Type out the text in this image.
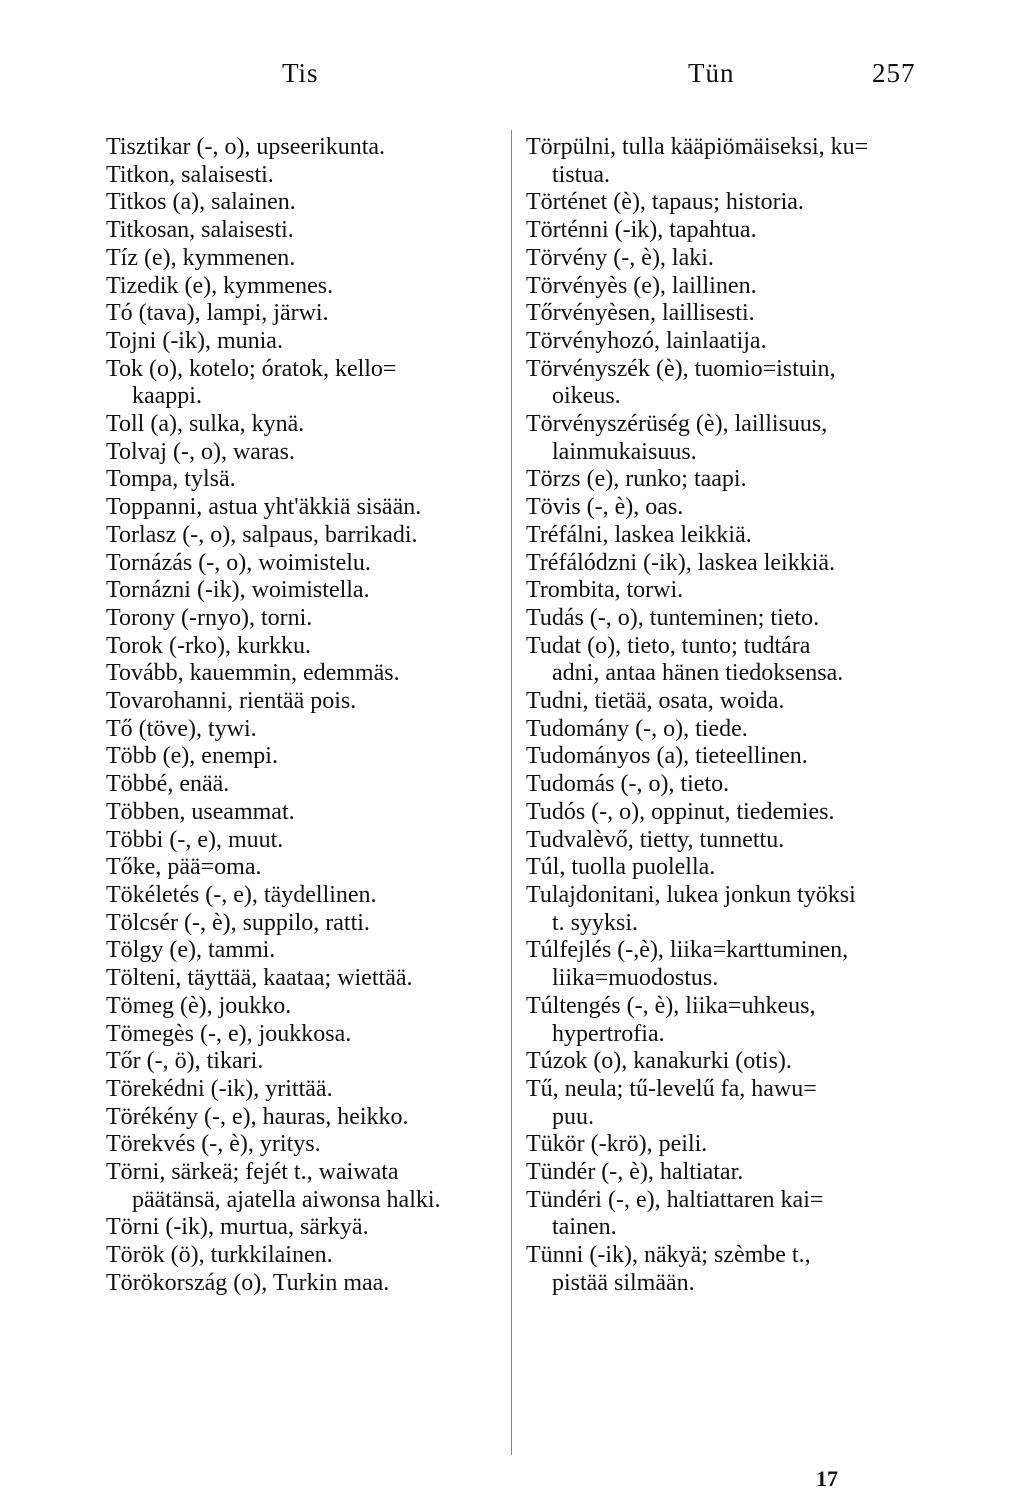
Tis	Tün	257
Tisztikar (-, o), upseerikunta.
Titkon, salaisesti.
Titkos (a), salainen.
Titkosan, salaisesti.
Tíz (e), kymmenen.
Tizedik (e), kymmenes.
Tó (tava), lampi, järwi.
Tojni (-ik), munia.
Tok (o), kotelo; óratok, kello=
kaappi.
Toll (a), sulka, kynä.
Tolvaj (-, o), waras.
Tompa, tylsä.
Toppanni, astua yht'äkkiä sisään.
Torlasz (-, o), salpaus, barrikadi.
Tornázás (-, o), woimistelu.
Tornázni (-ik), woimistella.
Torony (-rnyo), torni.
Torok (-rko), kurkku.
Tovább, kauemmin, edemmäs.
Tovarohanni, rientää pois.
Tő (töve), tywi.
Több (e), enempi.
Többé, enää.
Többen, useammat.
Többi (-, e), muut.
Tőke, pää=oma.
Tökéletés (-, e), täydellinen.
Tölcsér (-, è), suppilo, ratti.
Tölgy (e), tammi.
Tölteni, täyttää, kaataa; wiettää.
Tömeg (è), joukko.
Tömegès (-, e), joukkosa.
Tőr (-, ö), tikari.
Törekédni (-ik), yrittää.
Törékény (-, e), hauras, heikko.
Törekvés (-, è), yritys.
Törni, särkeä; fejét t., waiwata
päätänsä, ajatella aiwonsa halki.
Törni (-ik), murtua, särkyä.
Török (ö), turkkilainen.
Törökország (o), Turkin maa.
Törpülni, tulla kääpiömäiseksi, ku=
tistua.
Történet (è), tapaus; historia.
Történni (-ik), tapahtua.
Törvény (-, è), laki.
Törvényès (e), laillinen.
Tőrvényèsen, laillisesti.
Törvényhozó, lainlaatija.
Törvényszék (è), tuomio=istuin,
oikeus.
Törvényszérüség (è), laillisuus,
lainmukaisuus.
Törzs (e), runko; taapi.
Tövis (-, è), oas.
Tréfálni, laskea leikkiä.
Tréfálódzni (-ik), laskea leikkiä.
Trombita, torwi.
Tudás (-, o), tunteminen; tieto.
Tudat (o), tieto, tunto; tudtára
adni, antaa hänen tiedoksensa.
Tudni, tietää, osata, woida.
Tudomány (-, o), tiede.
Tudományos (a), tieteellinen.
Tudomás (-, o), tieto.
Tudós (-, o), oppinut, tiedemies.
Tudvalèvő, tietty, tunnettu.
Túl, tuolla puolella.
Tulajdonitani, lukea jonkun työksi
t. syyksi.
Túlfejlés (-,è), liika=karttuminen,
liika=muodostus.
Túltengés (-, è), liika=uhkeus,
hypertrofia.
Túzok (o), kanakurki (otis).
Tű, neula; tű-levelű fa, hawu=
puu.
Tükör (-krö), peili.
Tündér (-, è), haltiatar.
Tündéri (-, e), haltiattaren kai=
tainen.
Tünni (-ik), näkyä; szèmbe t.,
pistää silmään.
17
